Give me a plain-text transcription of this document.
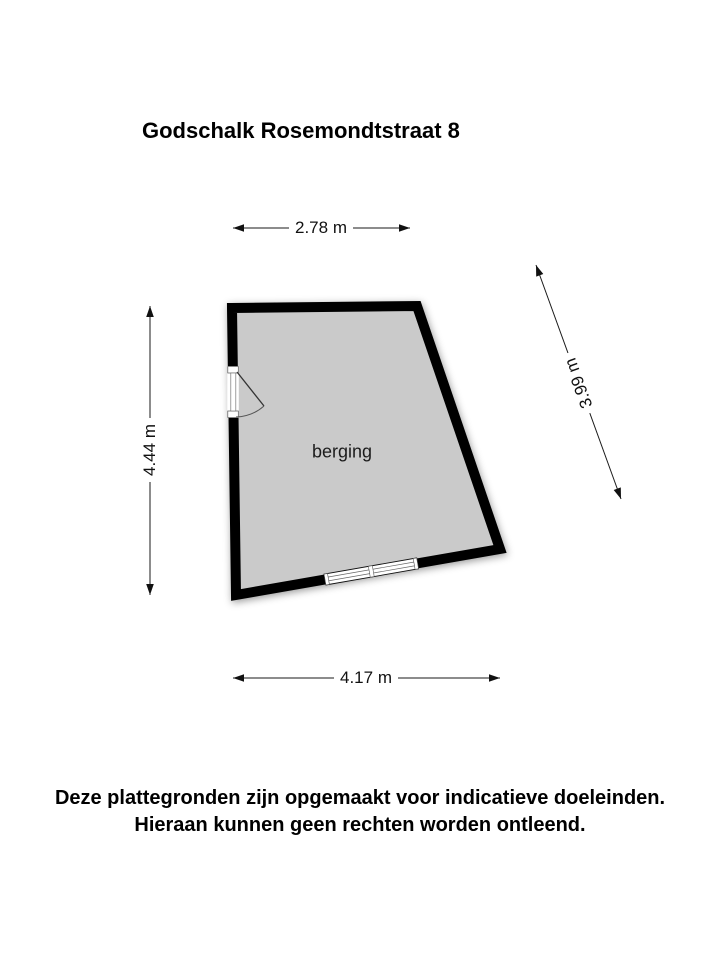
Godschalk Rosemondtstraat 8
2.78 m
4.44 m
3.99 m
4.17 m
berging
Deze plattegronden zijn opgemaakt voor indicatieve doeleinden.
Hieraan kunnen geen rechten worden ontleend.
